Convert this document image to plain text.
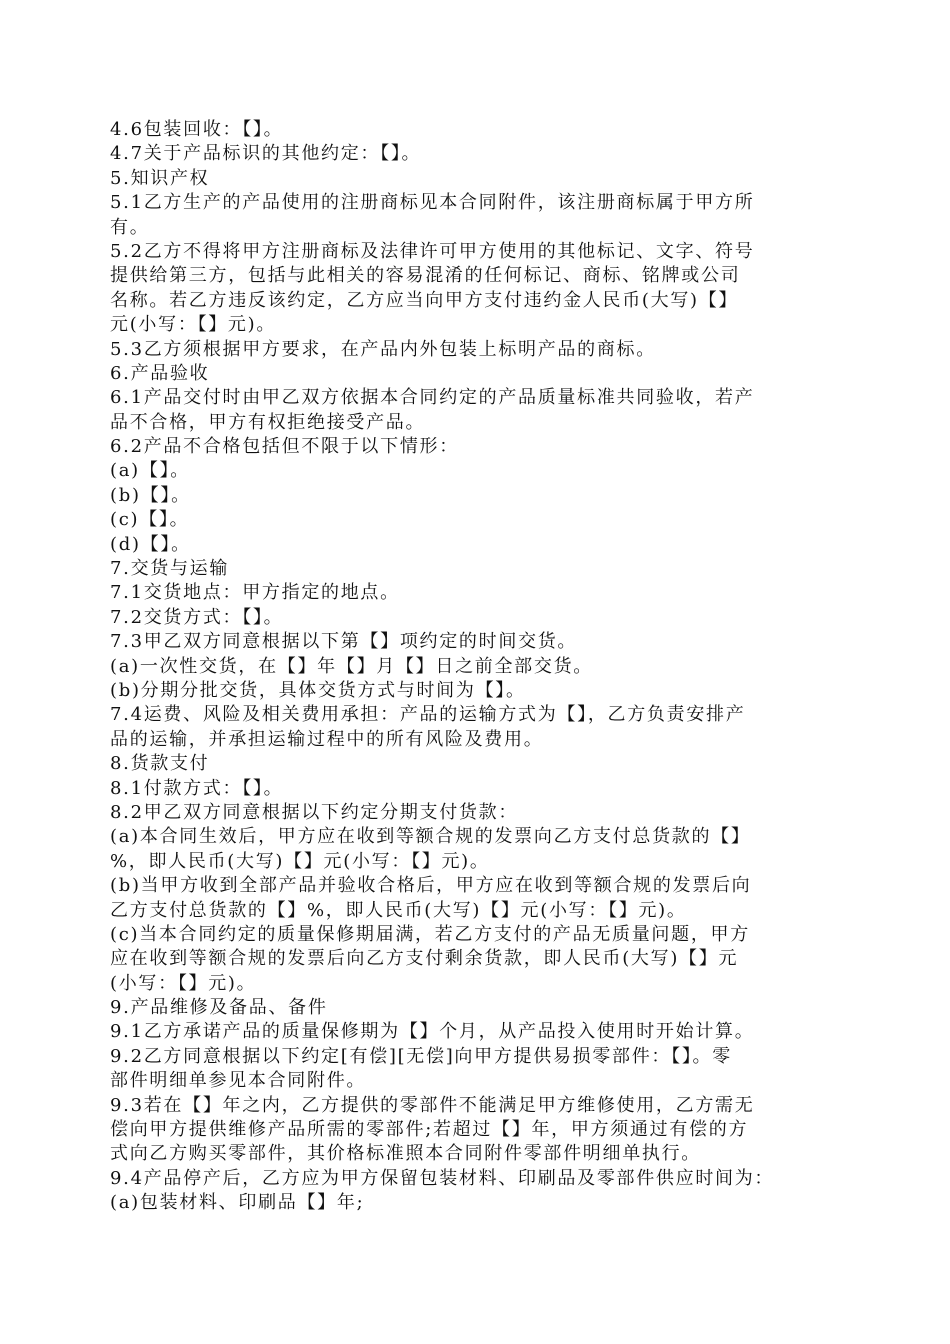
4.6包装回收：【】。
4.7关于产品标识的其他约定：【】。
5.知识产权
5.1乙方生产的产品使用的注册商标见本合同附件，该注册商标属于甲方所
有。
5.2乙方不得将甲方注册商标及法律许可甲方使用的其他标记、文字、符号
提供给第三方，包括与此相关的容易混淆的任何标记、商标、铭牌或公司
名称。若乙方违反该约定，乙方应当向甲方支付违约金人民币(大写)【】
元(小写：【】元)。
5.3乙方须根据甲方要求，在产品内外包装上标明产品的商标。
6.产品验收
6.1产品交付时由甲乙双方依据本合同约定的产品质量标准共同验收，若产
品不合格，甲方有权拒绝接受产品。
6.2产品不合格包括但不限于以下情形：
(a)【】。
(b)【】。
(c)【】。
(d)【】。
7.交货与运输
7.1交货地点：甲方指定的地点。
7.2交货方式：【】。
7.3甲乙双方同意根据以下第【】项约定的时间交货。
(a)一次性交货，在【】年【】月【】日之前全部交货。
(b)分期分批交货，具体交货方式与时间为【】。
7.4运费、风险及相关费用承担：产品的运输方式为【】，乙方负责安排产
品的运输，并承担运输过程中的所有风险及费用。
8.货款支付
8.1付款方式：【】。
8.2甲乙双方同意根据以下约定分期支付货款：
(a)本合同生效后，甲方应在收到等额合规的发票向乙方支付总货款的【】
%，即人民币(大写)【】元(小写：【】元)。
(b)当甲方收到全部产品并验收合格后，甲方应在收到等额合规的发票后向
乙方支付总货款的【】%，即人民币(大写)【】元(小写：【】元)。
(c)当本合同约定的质量保修期届满，若乙方支付的产品无质量问题，甲方
应在收到等额合规的发票后向乙方支付剩余货款，即人民币(大写)【】元
(小写：【】元)。
9.产品维修及备品、备件
9.1乙方承诺产品的质量保修期为【】个月，从产品投入使用时开始计算。
9.2乙方同意根据以下约定[有偿][无偿]向甲方提供易损零部件：【】。零
部件明细单参见本合同附件。
9.3若在【】年之内，乙方提供的零部件不能满足甲方维修使用，乙方需无
偿向甲方提供维修产品所需的零部件;若超过【】年，甲方须通过有偿的方
式向乙方购买零部件，其价格标准照本合同附件零部件明细单执行。
9.4产品停产后，乙方应为甲方保留包装材料、印刷品及零部件供应时间为：
(a)包装材料、印刷品【】年;
